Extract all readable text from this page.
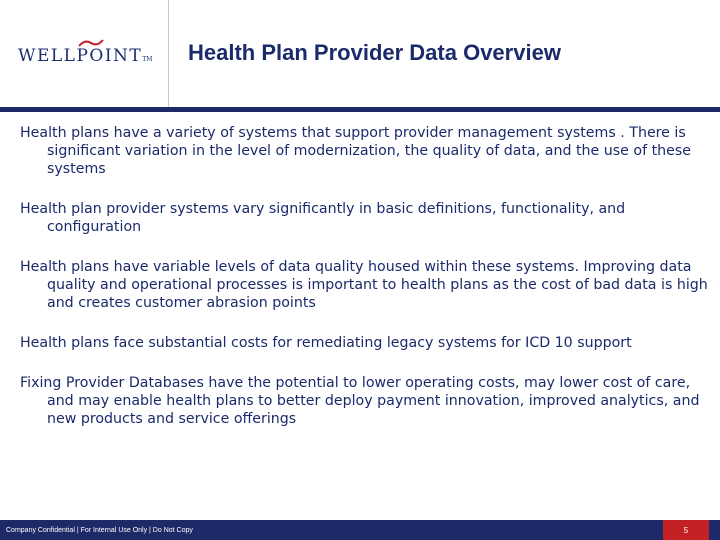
WELLPOINTTM Health Plan Provider Data Overview

Health plans have a variety of systems that support provider management systems . There is significant variation in the level of modernization, the quality of data, and the use of these systems

Health plan provider systems vary significantly in basic definitions, functionality, and configuration

Health plans have variable levels of data quality housed within these systems. Improving data quality and operational processes is important to health plans as the cost of bad data is high and creates customer abrasion points

Health plans face substantial costs for remediating legacy systems for ICD 10 support

Fixing Provider Databases have the potential to lower operating costs, may lower cost of care, and may enable health plans to better deploy payment innovation, improved analytics, and new products and service offerings

Company Confidential | For Internal Use Only | Do Not Copy	5
